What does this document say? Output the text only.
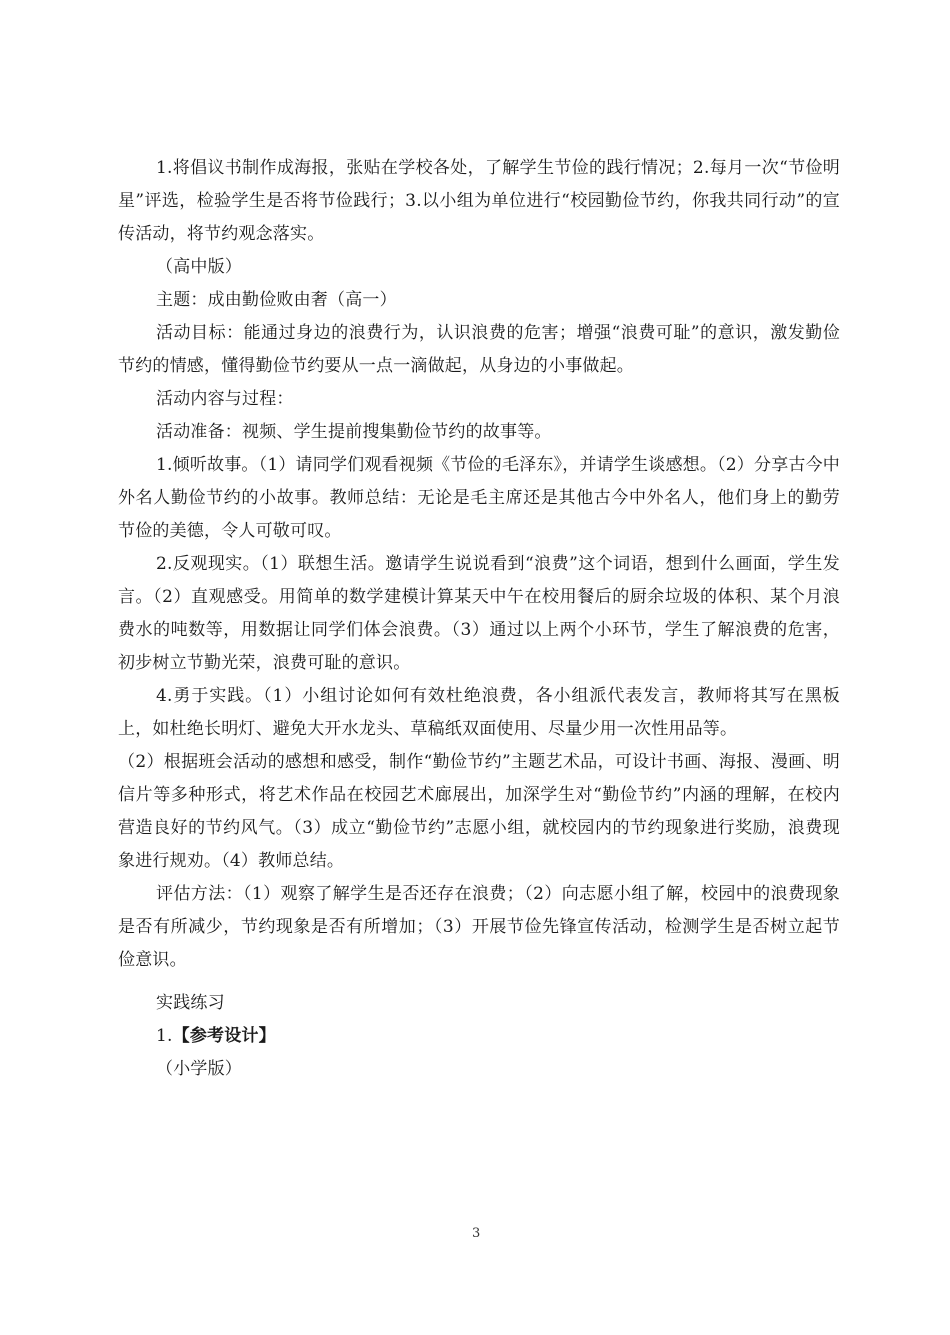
1.将倡议书制作成海报，张贴在学校各处，了解学生节俭的践行情况；2.每月一次“节俭明星”评选，检验学生是否将节俭践行；3.以小组为单位进行“校园勤俭节约，你我共同行动”的宣传活动，将节约观念落实。

（高中版）

主题：成由勤俭败由奢（高一）

活动目标：能通过身边的浪费行为，认识浪费的危害；增强“浪费可耻”的意识，激发勤俭节约的情感，懂得勤俭节约要从一点一滴做起，从身边的小事做起。

活动内容与过程：

活动准备：视频、学生提前搜集勤俭节约的故事等。

1.倾听故事。（1）请同学们观看视频《节俭的毛泽东》，并请学生谈感想。（2）分享古今中外名人勤俭节约的小故事。教师总结：无论是毛主席还是其他古今中外名人，他们身上的勤劳节俭的美德，令人可敬可叹。

2.反观现实。（1）联想生活。邀请学生说说看到“浪费”这个词语，想到什么画面，学生发言。（2）直观感受。用简单的数学建模计算某天中午在校用餐后的厨余垃圾的体积、某个月浪费水的吨数等，用数据让同学们体会浪费。（3）通过以上两个小环节，学生了解浪费的危害，初步树立节勤光荣，浪费可耻的意识。

4.勇于实践。（1）小组讨论如何有效杜绝浪费，各小组派代表发言，教师将其写在黑板上，如杜绝长明灯、避免大开水龙头、草稿纸双面使用、尽量少用一次性用品等。

（2）根据班会活动的感想和感受，制作“勤俭节约”主题艺术品，可设计书画、海报、漫画、明信片等多种形式，将艺术作品在校园艺术廊展出，加深学生对“勤俭节约”内涵的理解，在校内营造良好的节约风气。（3）成立“勤俭节约”志愿小组，就校园内的节约现象进行奖励，浪费现象进行规劝。（4）教师总结。

评估方法：（1）观察了解学生是否还存在浪费；（2）向志愿小组了解，校园中的浪费现象是否有所减少，节约现象是否有所增加；（3）开展节俭先锋宣传活动，检测学生是否树立起节俭意识。

实践练习

1.【参考设计】

（小学版）

3
